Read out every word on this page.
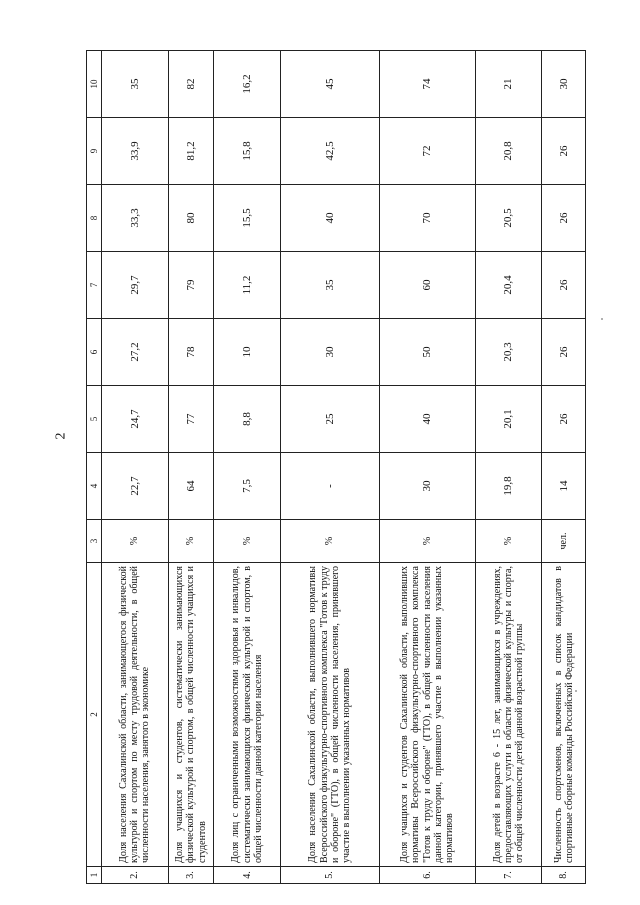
2
1	2	3	4	5	6	7	8	9	10
2.	Доля населения Сахалинской области, занимающегося физической культурой и спортом по месту трудовой деятельности, в общей численности населения, занятого в экономике	%	22,7	24,7	27,2	29,7	33,3	33,9	35
3.	Доля учащихся и студентов, систематически занимающихся физической культурой и спортом, в общей численности учащихся и студентов	%	64	77	78	79	80	81,2	82
4.	Доля лиц с ограниченными возможностями здоровья и инвалидов, систематически занимающихся физической культурой и спортом, в общей численности данной категории населения	%	7,5	8,8	10	11,2	15,5	15,8	16,2
5.	Доля населения Сахалинской области, выполнившего нормативы Всероссийского физкультурно-спортивного комплекса "Готов к труду и обороне" (ГТО), в общей численности населения, принявшего участие в выполнении указанных нормативов	%	-	25	30	35	40	42,5	45
6.	Доля учащихся и студентов Сахалинской области, выполнивших нормативы Всероссийского физкультурно-спортивного комплекса "Готов к труду и обороне" (ГТО), в общей численности населения данной категории, принявшего участие в выполнении указанных нормативов	%	30	40	50	60	70	72	74
7.	Доля детей в возрасте 6 - 15 лет, занимающихся в учреждениях, предоставляющих услуги в области физической культуры и спорта, от общей численности детей данной возрастной группы	%	19,8	20,1	20,3	20,4	20,5	20,8	21
8.	Численность спортсменов, включенных в список кандидатов в спортивные сборные команды Российской Федерации	чел.	14	26	26	26	26	26	30
